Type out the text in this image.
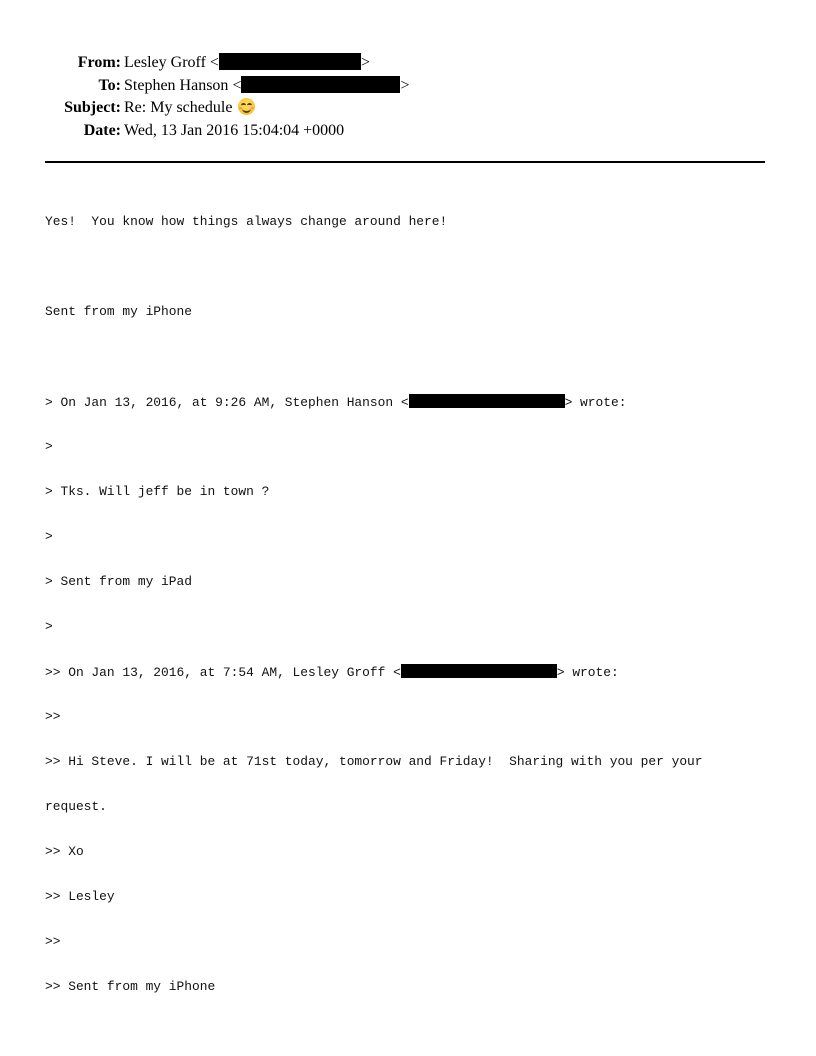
From: Lesley Groff <	>
To: Stephen Hanson <	>
Subject: Re: My schedule
Date: Wed, 13 Jan 2016 15:04:04 +0000

Yes!  You know how things always change around here!

Sent from my iPhone

> On Jan 13, 2016, at 9:26 AM, Stephen Hanson <	> wrote:

>

> Tks. Will jeff be in town ?

>

> Sent from my iPad

>

>> On Jan 13, 2016, at 7:54 AM, Lesley Groff <	> wrote:

>>

>> Hi Steve. I will be at 71st today, tomorrow and Friday!  Sharing with you per your

request.

>> Xo

>> Lesley

>>

>> Sent from my iPhone
